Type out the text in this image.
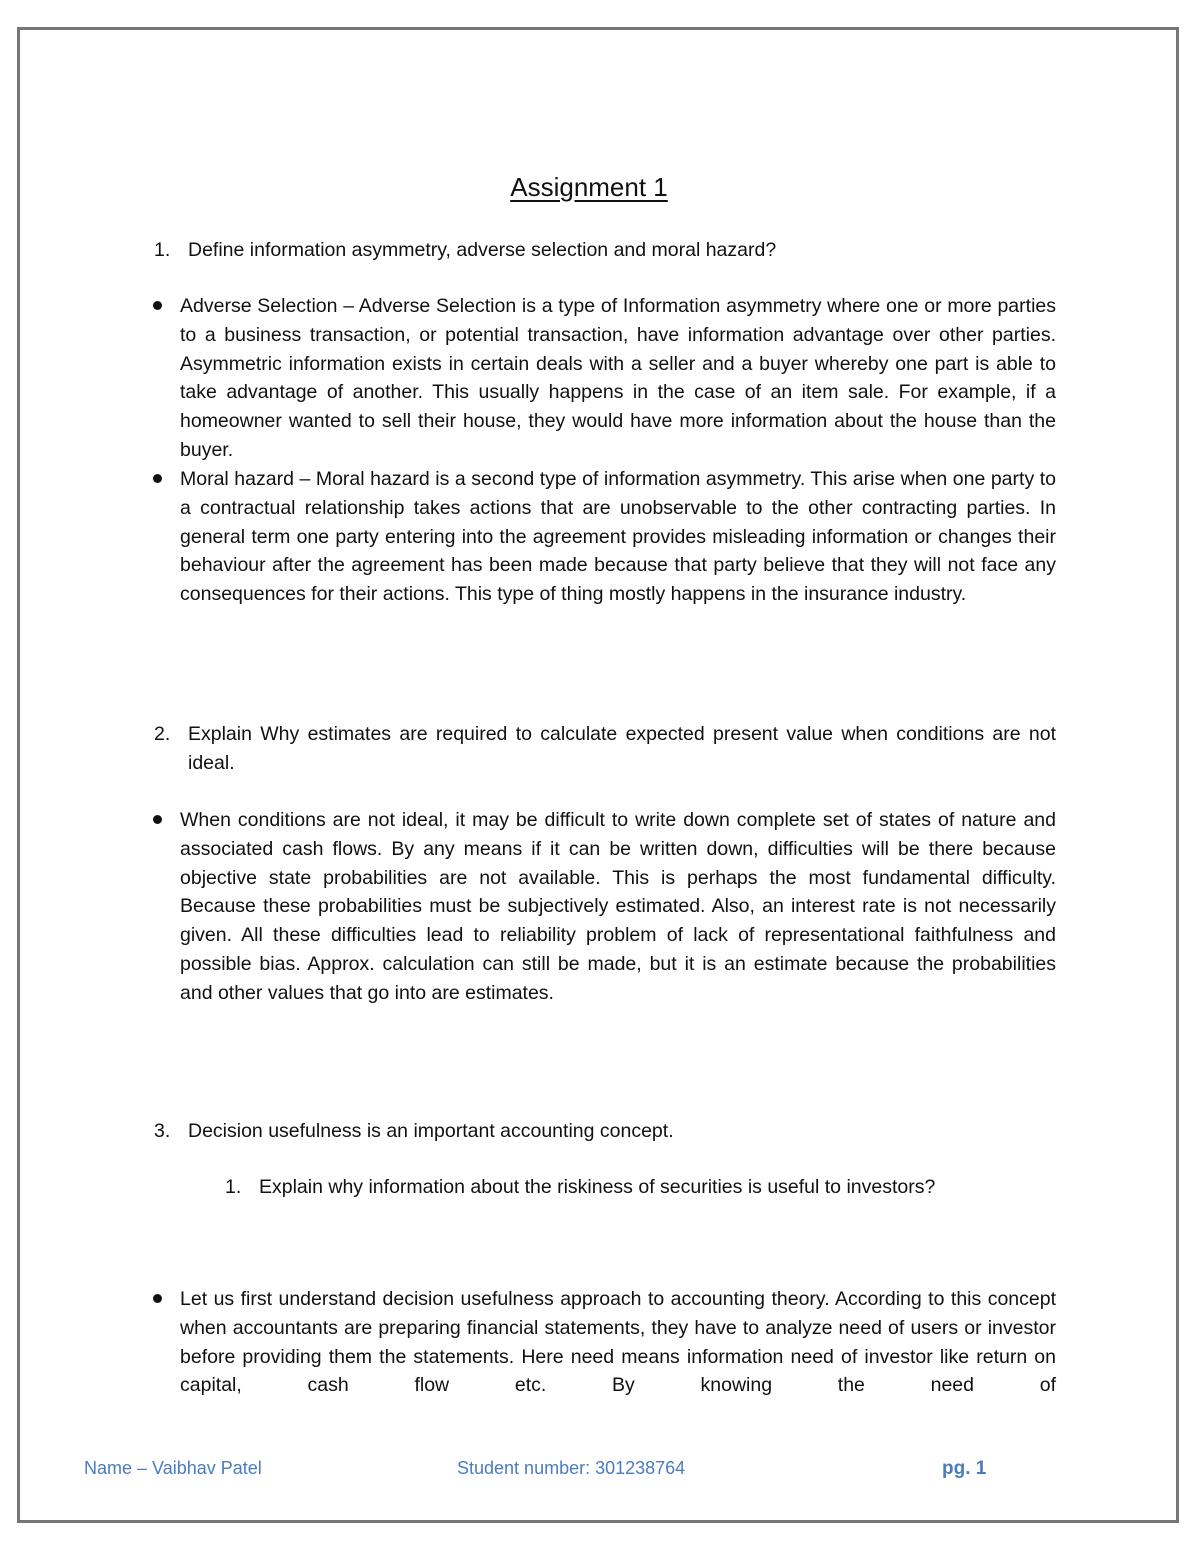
Assignment 1
1. Define information asymmetry, adverse selection and moral hazard?
Adverse Selection – Adverse Selection is a type of Information asymmetry where one or more parties to a business transaction, or potential transaction, have information advantage over other parties. Asymmetric information exists in certain deals with a seller and a buyer whereby one part is able to take advantage of another. This usually happens in the case of an item sale. For example, if a homeowner wanted to sell their house, they would have more information about the house than the buyer.
Moral hazard – Moral hazard is a second type of information asymmetry. This arise when one party to a contractual relationship takes actions that are unobservable to the other contracting parties. In general term one party entering into the agreement provides misleading information or changes their behaviour after the agreement has been made because that party believe that they will not face any consequences for their actions. This type of thing mostly happens in the insurance industry.
2. Explain Why estimates are required to calculate expected present value when conditions are not ideal.
When conditions are not ideal, it may be difficult to write down complete set of states of nature and associated cash flows. By any means if it can be written down, difficulties will be there because objective state probabilities are not available. This is perhaps the most fundamental difficulty. Because these probabilities must be subjectively estimated. Also, an interest rate is not necessarily given. All these difficulties lead to reliability problem of lack of representational faithfulness and possible bias. Approx. calculation can still be made, but it is an estimate because the probabilities and other values that go into are estimates.
3. Decision usefulness is an important accounting concept.
1. Explain why information about the riskiness of securities is useful to investors?
Let us first understand decision usefulness approach to accounting theory. According to this concept when accountants are preparing financial statements, they have to analyze need of users or investor before providing them the statements. Here need means information need of investor like return on capital, cash flow etc. By knowing the need of
Name – Vaibhav Patel	Student number: 301238764	pg. 1
